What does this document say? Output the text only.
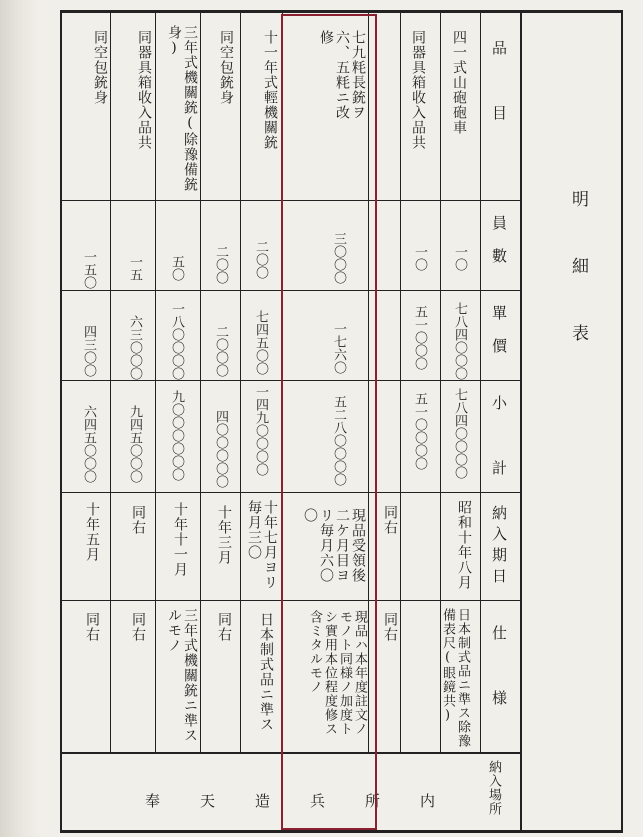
明細表
品目
員數
單價
小計
納入期日
仕様
納入場所
四一式山砲砲車
一〇
七八四〇〇〇
七八四〇〇〇〇
昭和十年八月
日本制式品ニ準ス除豫備表尺(眼鏡共)
同器具箱收入品共
一〇
五一〇〇〇
五一〇〇〇〇
同右
同右
七九粍長銃ヲ六、五粍ニ改修
三〇〇〇
一七六〇
五二八〇〇〇〇
現品受領後二ケ月目ヨリ毎月六〇〇
現品ハ本年度註文ノモノト同様ノ加度トシ實用本位程度修ス含ミタルモノ
十一年式輕機關銃
二〇〇
七四五〇〇
一四九〇〇〇〇
十年七月ヨリ毎月三〇
日本制式品ニ準ス
同空包銃身
二〇〇
二〇〇〇
四〇〇〇〇〇
十年三月
同右
三年式機關銃(除豫備銃身)
五〇
一八〇〇〇〇
九〇〇〇〇〇〇
十年十一月
三年式機關銃ニ準スルモノ
同器具箱收入品共
一五
六三〇〇〇
九四五〇〇〇
同右
同右
同空包銃身
一五〇
四三〇〇
六四五〇〇〇
十年五月
同右
奉天造兵所内
